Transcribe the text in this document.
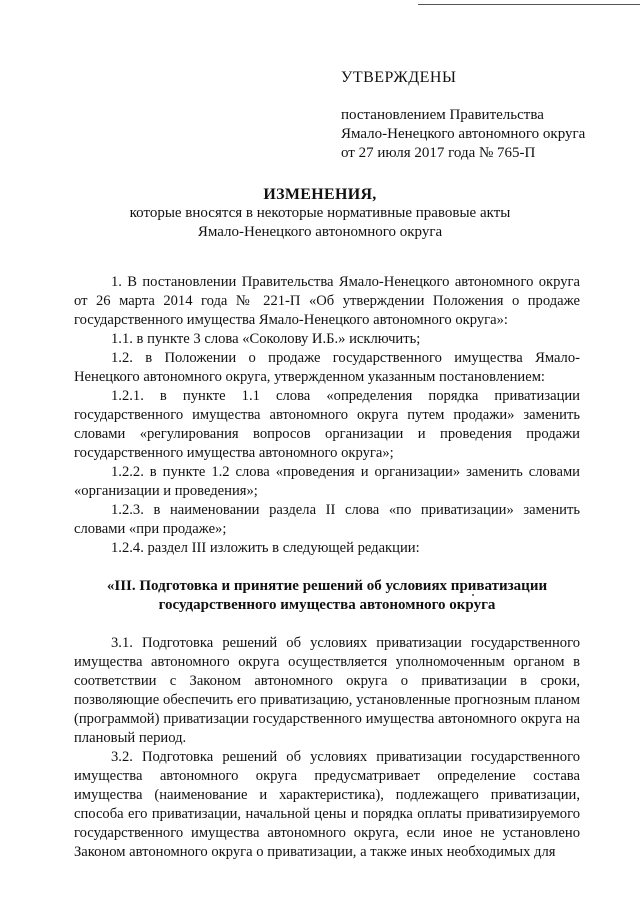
УТВЕРЖДЕНЫ
постановлением Правительства
Ямало-Ненецкого автономного округа
от 27 июля 2017 года № 765-П
ИЗМЕНЕНИЯ,
которые вносятся в некоторые нормативные правовые акты
Ямало-Ненецкого автономного округа

1. В постановлении Правительства Ямало-Ненецкого автономного округа от 26 марта 2014 года № 221-П «Об утверждении Положения о продаже государственного имущества Ямало-Ненецкого автономного округа»:

1.1. в пункте 3 слова «Соколову И.Б.» исключить;

1.2. в Положении о продаже государственного имущества Ямало-Ненецкого автономного округа, утвержденном указанным постановлением:

1.2.1. в пункте 1.1 слова «определения порядка приватизации государственного имущества автономного округа путем продажи» заменить словами «регулирования вопросов организации и проведения продажи государственного имущества автономного округа»;

1.2.2. в пункте 1.2 слова «проведения и организации» заменить словами «организации и проведения»;

1.2.3. в наименовании раздела II слова «по приватизации» заменить словами «при продаже»;

1.2.4. раздел III изложить в следующей редакции:

«III. Подготовка и принятие решений об условиях приватизации
государственного имущества автономного округа

3.1. Подготовка решений об условиях приватизации государственного имущества автономного округа осуществляется уполномоченным органом в соответствии с Законом автономного округа о приватизации в сроки, позволяющие обеспечить его приватизацию, установленные прогнозным планом (программой) приватизации государственного имущества автономного округа на плановый период.

3.2. Подготовка решений об условиях приватизации государственного имущества автономного округа предусматривает определение состава имущества (наименование и характеристика), подлежащего приватизации, способа его приватизации, начальной цены и порядка оплаты приватизируемого государственного имущества автономного округа, если иное не установлено Законом автономного округа о приватизации, а также иных необходимых для
